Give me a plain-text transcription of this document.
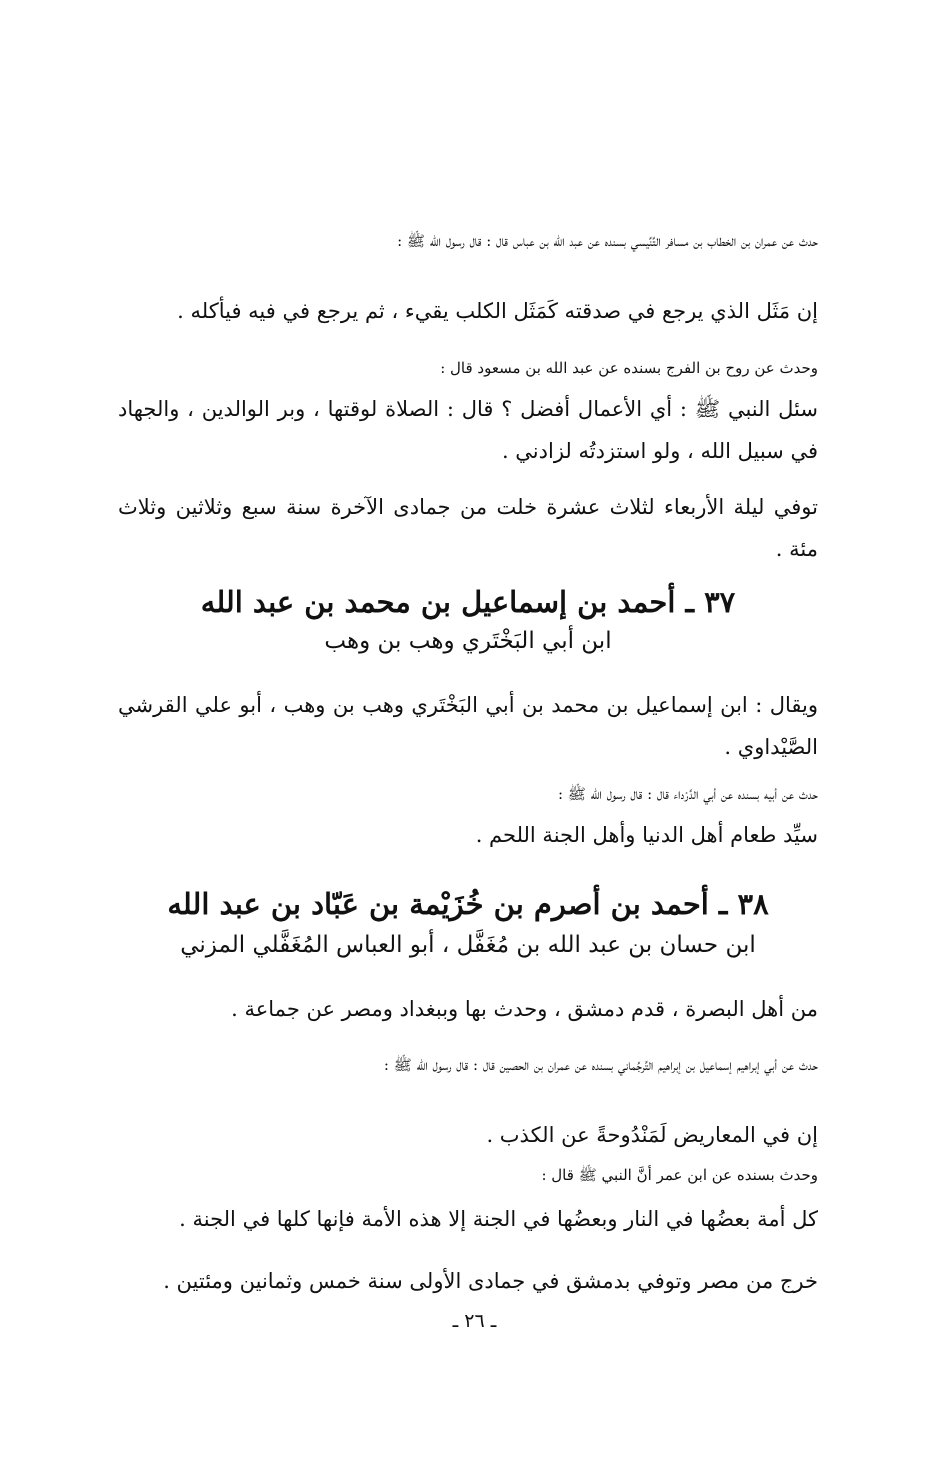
حدث عن عمران بن الخطاب بن مسافر التِّنِّيسي بسنده عن عبد الله بن عباس قال : قال رسول الله ﷺ :

إن مَثَل الذي يرجع في صدقته كَمَثَل الكلب يقيء ، ثم يرجع في فيه فيأكله .

وحدث عن روح بن الفرج بسنده عن عبد الله بن مسعود قال :

سئل النبي ﷺ : أي الأعمال أفضل ؟ قال : الصلاة لوقتها ، وبر الوالدين ، والجهاد في سبيل الله ، ولو استزدتُه لزادني .

توفي ليلة الأربعاء لثلاث عشرة خلت من جمادى الآخرة سنة سبع وثلاثين وثلاث مئة .

٣٧ ـ أحمد بن إسماعيل بن محمد بن عبد الله
ابن أبي البَخْتَري وهب بن وهب

ويقال : ابن إسماعيل بن محمد بن أبي البَخْتَري وهب بن وهب ، أبو علي القرشي الصَّيْداوي .

حدث عن أبيه بسنده عن أبي الدَّرْداء قال : قال رسول الله ﷺ :

سيِّد طعام أهل الدنيا وأهل الجنة اللحم .

٣٨ ـ أحمد بن أصرم بن خُزَيْمة بن عَبّاد بن عبد الله
ابن حسان بن عبد الله بن مُغَفَّل ، أبو العباس المُغَفَّلي المزني

من أهل البصرة ، قدم دمشق ، وحدث بها وببغداد ومصر عن جماعة .

حدث عن أبي إبراهيم إسماعيل بن إبراهيم التَّرجُماني بسنده عن عمران بن الحصين قال : قال رسول الله ﷺ :

إن في المعاريض لَمَنْدُوحةً عن الكذب .

وحدث بسنده عن ابن عمر أنَّ النبي ﷺ قال :

كل أمة بعضُها في النار وبعضُها في الجنة إلا هذه الأمة فإنها كلها في الجنة .

خرج من مصر وتوفي بدمشق في جمادى الأولى سنة خمس وثمانين ومئتين .

ـ ٢٦ ـ
